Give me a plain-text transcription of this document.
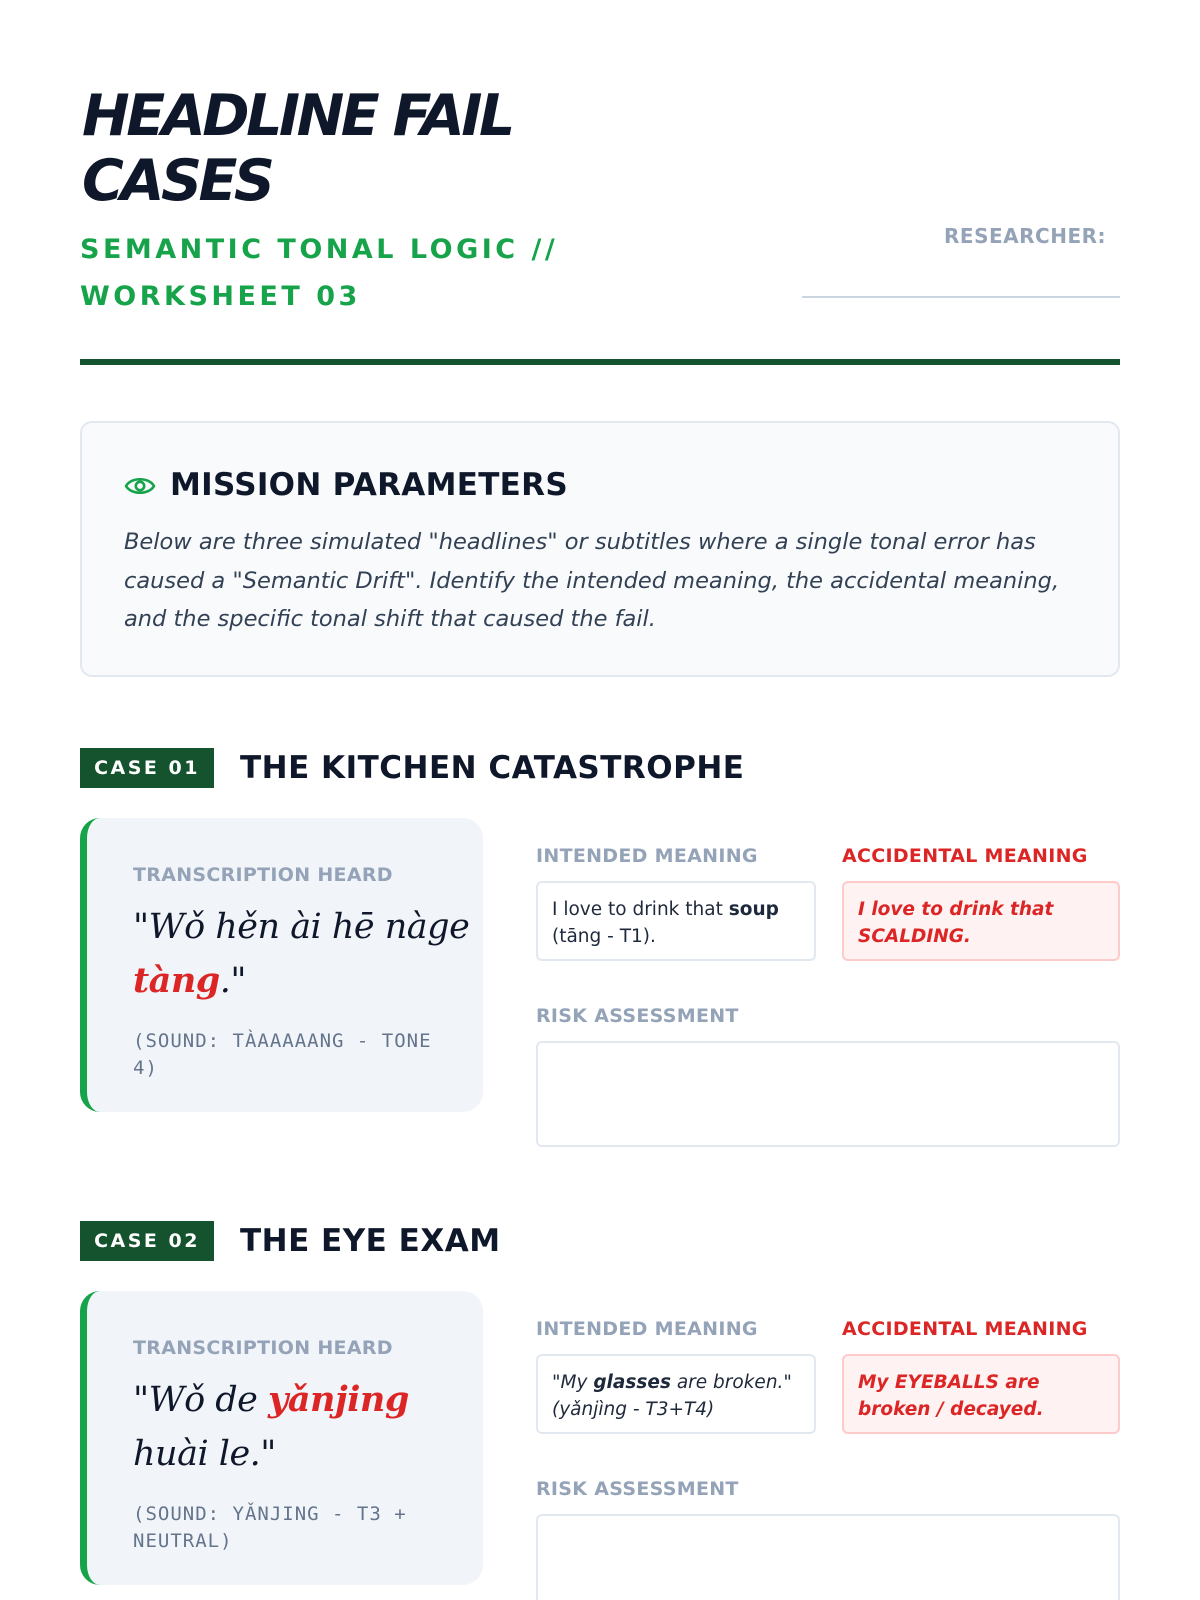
HEADLINE FAIL CASES
SEMANTIC TONAL LOGIC // WORKSHEET 03
RESEARCHER:
MISSION PARAMETERS
Below are three simulated "headlines" or subtitles where a single tonal error has caused a "Semantic Drift". Identify the intended meaning, the accidental meaning, and the specific tonal shift that caused the fail.
CASE 01	THE KITCHEN CATASTROPHE
TRANSCRIPTION HEARD
"Wǒ hěn ài hē nàge tàng."
(SOUND: TÀAAAAANG - TONE 4)
INTENDED MEANING	ACCIDENTAL MEANING
I love to drink that soup (tāng - T1).
I love to drink that SCALDING.
RISK ASSESSMENT
CASE 02	THE EYE EXAM
TRANSCRIPTION HEARD
"Wǒ de yǎnjing huài le."
(SOUND: YǍNJING - T3 + NEUTRAL)
INTENDED MEANING	ACCIDENTAL MEANING
"My glasses are broken." (yǎnjìng - T3+T4)
My EYEBALLS are broken / decayed.
RISK ASSESSMENT
